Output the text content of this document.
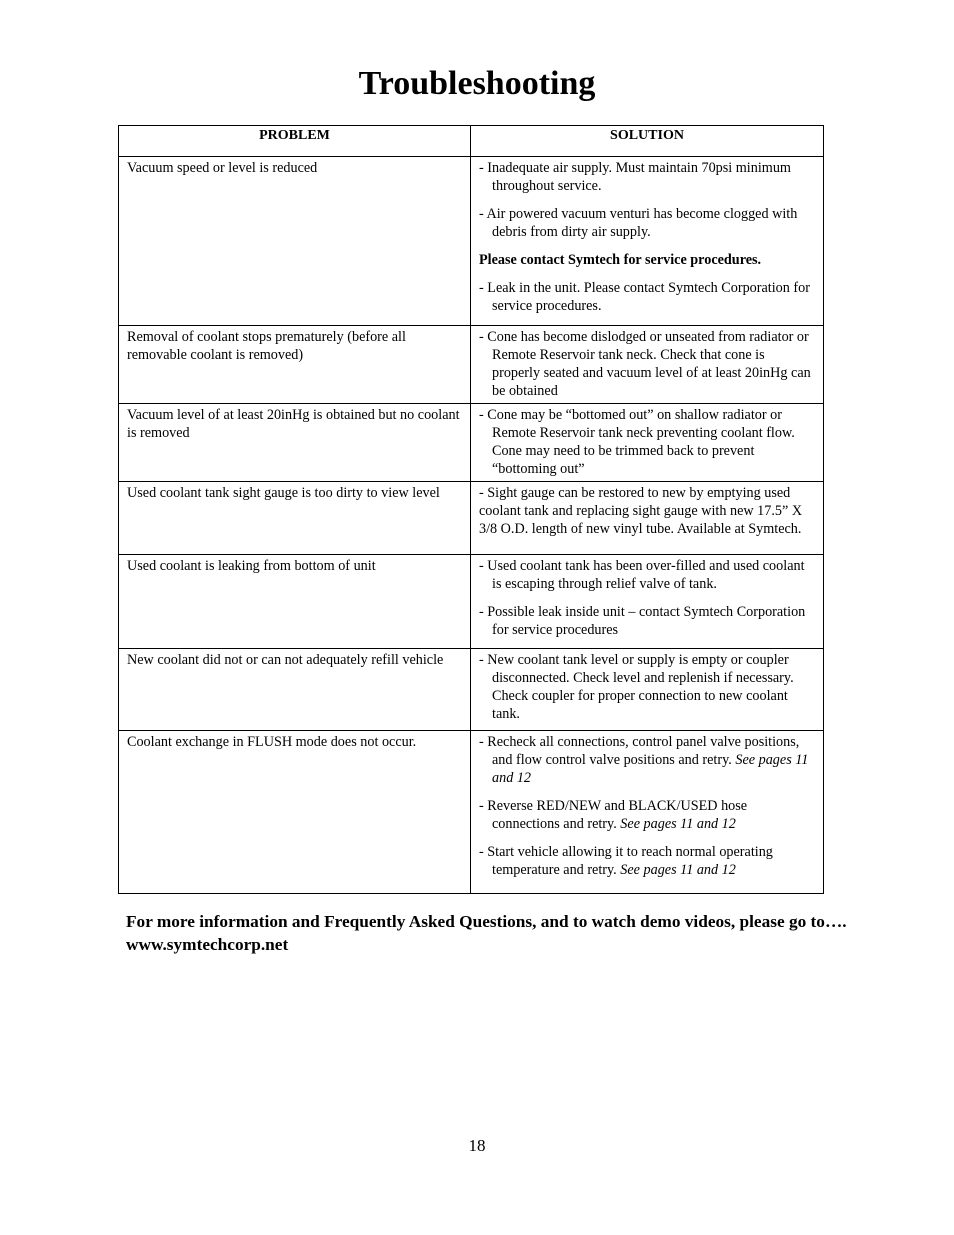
Troubleshooting
PROBLEM	SOLUTION
Vacuum speed or level is reduced	- Inadequate air supply. Must maintain 70psi minimum throughout service.
- Air powered vacuum venturi has become clogged with debris from dirty air supply.
Please contact Symtech for service procedures.
- Leak in the unit. Please contact Symtech Corporation for service procedures.

Removal of coolant stops prematurely (before all removable coolant is removed)	- Cone has become dislodged or unseated from radiator or Remote Reservoir tank neck. Check that cone is properly seated and vacuum level of at least 20inHg can be obtained

Vacuum level of at least 20inHg is obtained but no coolant is removed	- Cone may be “bottomed out” on shallow radiator or Remote Reservoir tank neck preventing coolant flow. Cone may need to be trimmed back to prevent “bottoming out”

Used coolant tank sight gauge is too dirty to view level	- Sight gauge can be restored to new by emptying used coolant tank and replacing sight gauge with new 17.5” X 3/8 O.D. length of new vinyl tube. Available at Symtech.

Used coolant is leaking from bottom of unit	- Used coolant tank has been over-filled and used coolant is escaping through relief valve of tank.
- Possible leak inside unit – contact Symtech Corporation for service procedures

New coolant did not or can not adequately refill vehicle	- New coolant tank level or supply is empty or coupler disconnected. Check level and replenish if necessary. Check coupler for proper connection to new coolant tank.

Coolant exchange in FLUSH mode does not occur.	- Recheck all connections, control panel valve positions, and flow control valve positions and retry. See pages 11 and 12
- Reverse RED/NEW and BLACK/USED hose connections and retry. See pages 11 and 12
- Start vehicle allowing it to reach normal operating temperature and retry. See pages 11 and 12

For more information and Frequently Asked Questions, and to watch demo videos, please go to…. www.symtechcorp.net

18
